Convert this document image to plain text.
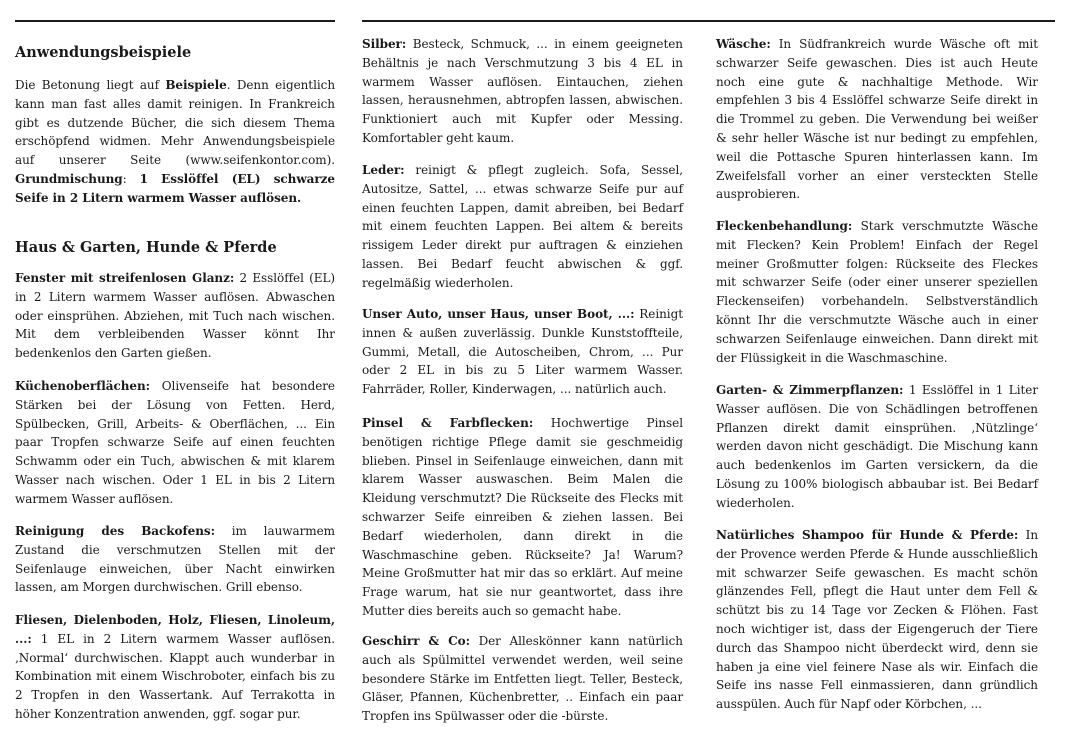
Anwendungsbeispiele

Die Betonung liegt auf Beispiele. Denn eigentlich kann man fast alles damit reinigen. In Frankreich gibt es dutzende Bücher, die sich diesem Thema erschöpfend widmen. Mehr Anwendungsbeispiele auf unserer Seite (www.seifenkontor.com). Grundmischung: 1 Esslöffel (EL) schwarze Seife in 2 Litern warmem Wasser auflösen.

Haus & Garten, Hunde & Pferde

Fenster mit streifenlosen Glanz: 2 Esslöffel (EL) in 2 Litern warmem Wasser auflösen. Abwaschen oder einsprühen. Abziehen, mit Tuch nach wischen. Mit dem verbleibenden Wasser könnt Ihr bedenkenlos den Garten gießen.

Küchenoberflächen: Olivenseife hat besondere Stärken bei der Lösung von Fetten. Herd, Spülbecken, Grill, Arbeits- & Oberflächen, ... Ein paar Tropfen schwarze Seife auf einen feuchten Schwamm oder ein Tuch, abwischen & mit klarem Wasser nach wischen. Oder 1 EL in bis 2 Litern warmem Wasser auflösen.

Reinigung des Backofens: im lauwarmem Zustand die verschmutzen Stellen mit der Seifenlauge einweichen, über Nacht einwirken lassen, am Morgen durchwischen. Grill ebenso.

Fliesen, Dielenboden, Holz, Fliesen, Linoleum, ...: 1 EL in 2 Litern warmem Wasser auflösen. ‚Normal‘ durchwischen. Klappt auch wunderbar in Kombination mit einem Wischroboter, einfach bis zu 2 Tropfen in den Wassertank. Auf Terrakotta in höher Konzentration anwenden, ggf. sogar pur.

Silber: Besteck, Schmuck, ... in einem geeigneten Behältnis je nach Verschmutzung 3 bis 4 EL in warmem Wasser auflösen. Eintauchen, ziehen lassen, herausnehmen, abtropfen lassen, abwischen. Funktioniert auch mit Kupfer oder Messing. Komfortabler geht kaum.

Leder: reinigt & pflegt zugleich. Sofa, Sessel, Autositze, Sattel, ... etwas schwarze Seife pur auf einen feuchten Lappen, damit abreiben, bei Bedarf mit einem feuchten Lappen. Bei altem & bereits rissigem Leder direkt pur auftragen & einziehen lassen. Bei Bedarf feucht abwischen & ggf. regelmäßig wiederholen.

Unser Auto, unser Haus, unser Boot, ...: Reinigt innen & außen zuverlässig. Dunkle Kunststoffteile, Gummi, Metall, die Autoscheiben, Chrom, ... Pur oder 2 EL in bis zu 5 Liter warmem Wasser. Fahrräder, Roller, Kinderwagen, ... natürlich auch.

Pinsel & Farbflecken: Hochwertige Pinsel benötigen richtige Pflege damit sie geschmeidig blieben. Pinsel in Seifenlauge einweichen, dann mit klarem Wasser auswaschen. Beim Malen die Kleidung verschmutzt? Die Rückseite des Flecks mit schwarzer Seife einreiben & ziehen lassen. Bei Bedarf wiederholen, dann direkt in die Waschmaschine geben. Rückseite? Ja! Warum? Meine Großmutter hat mir das so erklärt. Auf meine Frage warum, hat sie nur geantwortet, dass ihre Mutter dies bereits auch so gemacht habe.

Geschirr & Co: Der Alleskönner kann natürlich auch als Spülmittel verwendet werden, weil seine besondere Stärke im Entfetten liegt. Teller, Besteck, Gläser, Pfannen, Küchenbretter, .. Einfach ein paar Tropfen ins Spülwasser oder die -bürste.

Wäsche: In Südfrankreich wurde Wäsche oft mit schwarzer Seife gewaschen. Dies ist auch Heute noch eine gute & nachhaltige Methode. Wir empfehlen 3 bis 4 Esslöffel schwarze Seife direkt in die Trommel zu geben. Die Verwendung bei weißer & sehr heller Wäsche ist nur bedingt zu empfehlen, weil die Pottasche Spuren hinterlassen kann. Im Zweifelsfall vorher an einer versteckten Stelle ausprobieren.

Fleckenbehandlung: Stark verschmutzte Wäsche mit Flecken? Kein Problem! Einfach der Regel meiner Großmutter folgen: Rückseite des Fleckes mit schwarzer Seife (oder einer unserer speziellen Fleckenseifen) vorbehandeln. Selbstverständlich könnt Ihr die verschmutzte Wäsche auch in einer schwarzen Seifenlauge einweichen. Dann direkt mit der Flüssigkeit in die Waschmaschine.

Garten- & Zimmerpflanzen: 1 Esslöffel in 1 Liter Wasser auflösen. Die von Schädlingen betroffenen Pflanzen direkt damit einsprühen. ‚Nützlinge‘ werden davon nicht geschädigt. Die Mischung kann auch bedenkenlos im Garten versickern, da die Lösung zu 100% biologisch abbaubar ist. Bei Bedarf wiederholen.

Natürliches Shampoo für Hunde & Pferde: In der Provence werden Pferde & Hunde ausschließlich mit schwarzer Seife gewaschen. Es macht schön glänzendes Fell, pflegt die Haut unter dem Fell & schützt bis zu 14 Tage vor Zecken & Flöhen. Fast noch wichtiger ist, dass der Eigengeruch der Tiere durch das Shampoo nicht überdeckt wird, denn sie haben ja eine viel feinere Nase als wir. Einfach die Seife ins nasse Fell einmassieren, dann gründlich ausspülen. Auch für Napf oder Körbchen, ...
